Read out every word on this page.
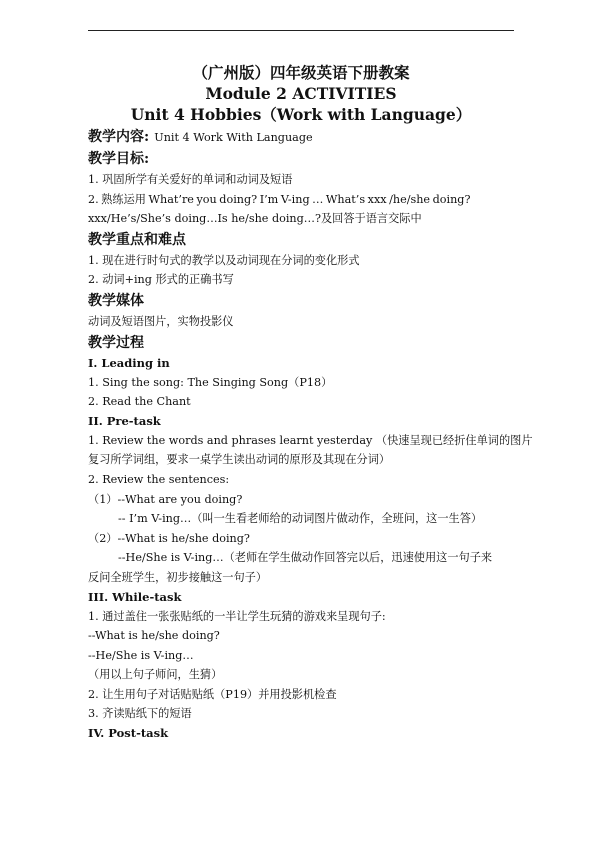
（广州版）四年级英语下册教案
Module 2 ACTIVITIES
Unit 4 Hobbies（Work with Language）
教学内容: Unit 4 Work With Language
教学目标:
1. 巩固所学有关爱好的单词和动词及短语
2. 熟练运用 What’re you doing? I’m V-ing … What’s xxx /he/she doing?
xxx/He’s/She’s doing…Is he/she doing…?及回答于语言交际中
教学重点和难点
1. 现在进行时句式的教学以及动词现在分词的变化形式
2. 动词+ing 形式的正确书写
教学媒体
动词及短语图片，实物投影仪
教学过程
I. Leading in
1. Sing the song: The Singing Song（P18）
2. Read the Chant
II. Pre-task
1. Review the words and phrases learnt yesterday （快速呈现已经折住单词的图片
复习所学词组，要求一桌学生读出动词的原形及其现在分词）
2. Review the sentences:
（1）--What are you doing?
-- I’m V-ing…（叫一生看老师给的动词图片做动作，全班问，这一生答）
（2）--What is he/she doing?
--He/She is V-ing…（老师在学生做动作回答完以后，迅速使用这一句子来
反问全班学生，初步接触这一句子）
III. While-task
1. 通过盖住一张张贴纸的一半让学生玩猜的游戏来呈现句子:
--What is he/she doing?
--He/She is V-ing…
（用以上句子师问，生猜）
2. 让生用句子对话贴贴纸（P19）并用投影机检查
3. 齐读贴纸下的短语
IV. Post-task
